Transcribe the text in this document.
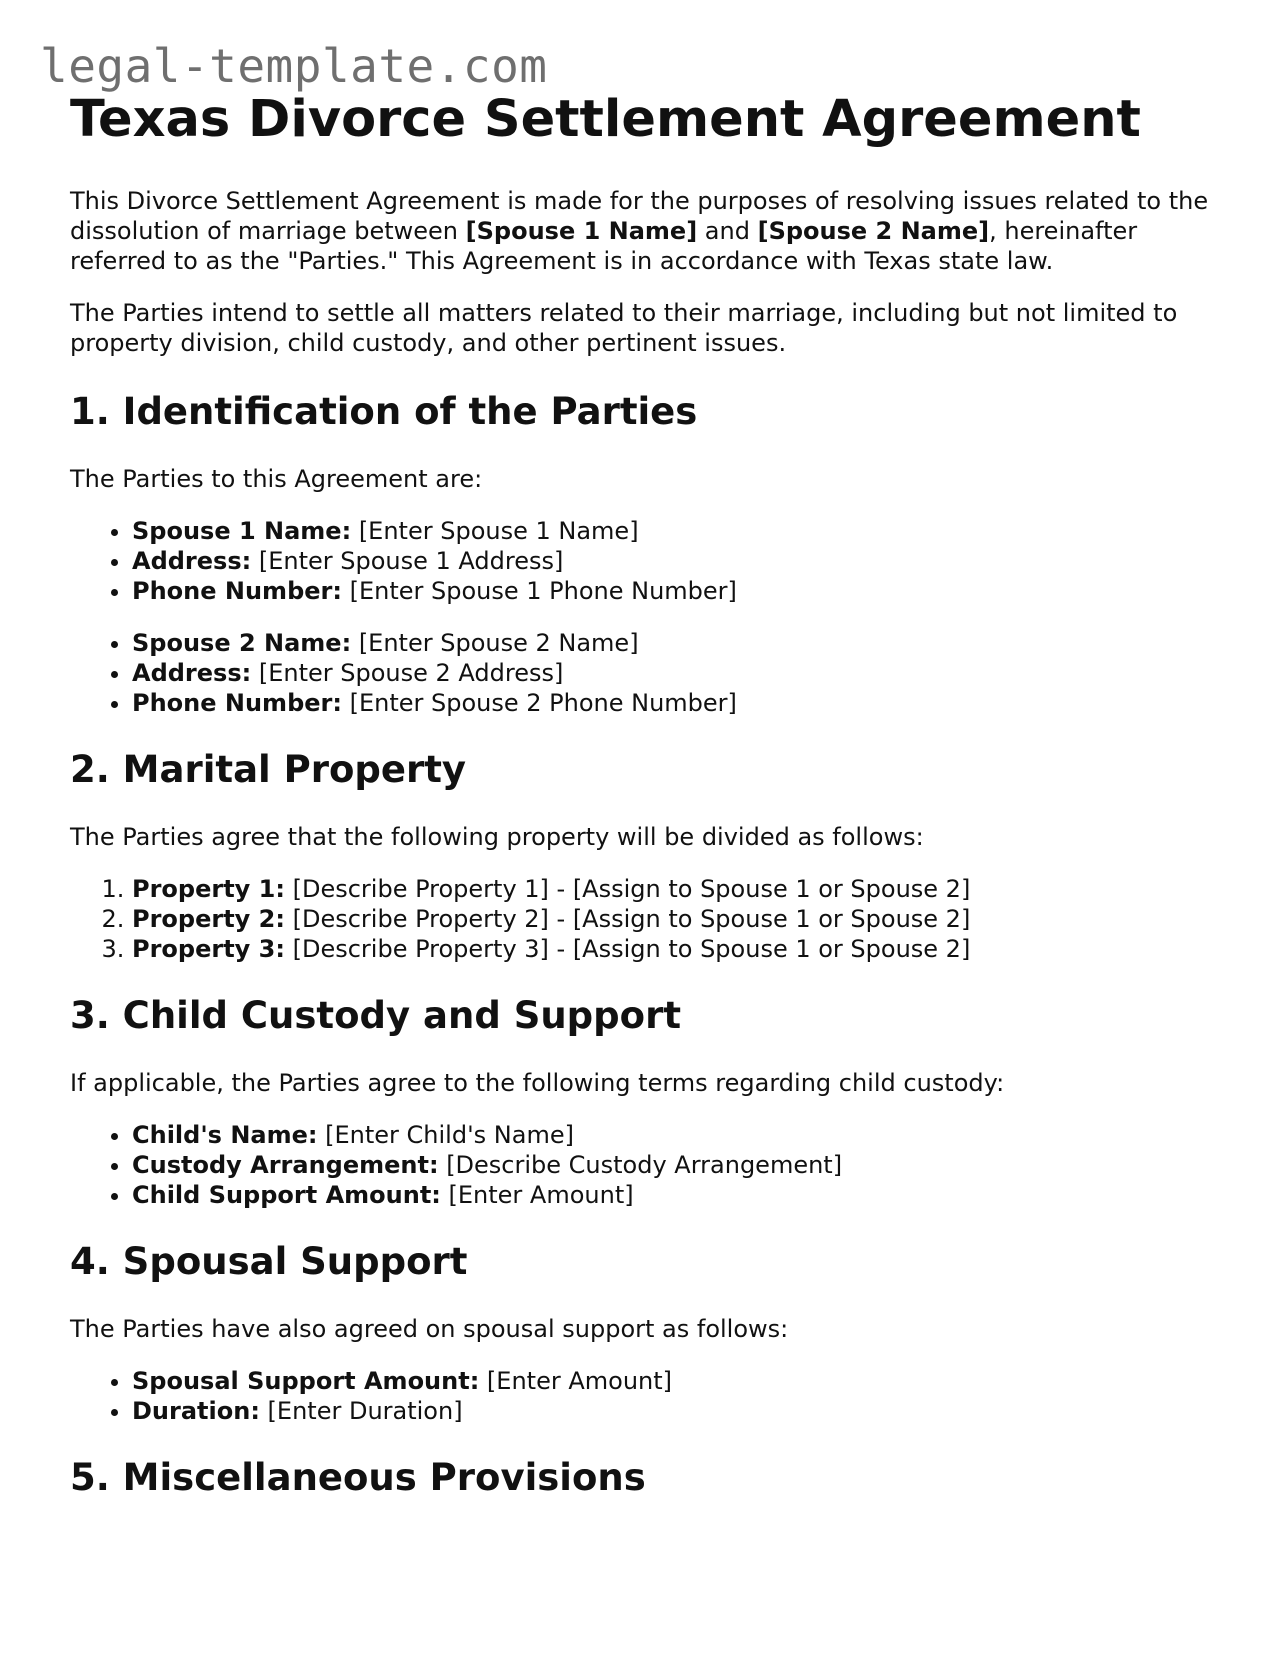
legal-template.com
Texas Divorce Settlement Agreement

This Divorce Settlement Agreement is made for the purposes of resolving issues related to the dissolution of marriage between [Spouse 1 Name] and [Spouse 2 Name], hereinafter referred to as the "Parties." This Agreement is in accordance with Texas state law.

The Parties intend to settle all matters related to their marriage, including but not limited to property division, child custody, and other pertinent issues.

1. Identification of the Parties

The Parties to this Agreement are:

• Spouse 1 Name: [Enter Spouse 1 Name]
• Address: [Enter Spouse 1 Address]
• Phone Number: [Enter Spouse 1 Phone Number]
• Spouse 2 Name: [Enter Spouse 2 Name]
• Address: [Enter Spouse 2 Address]
• Phone Number: [Enter Spouse 2 Phone Number]
2. Marital Property

The Parties agree that the following property will be divided as follows:

1. Property 1: [Describe Property 1] - [Assign to Spouse 1 or Spouse 2]
2. Property 2: [Describe Property 2] - [Assign to Spouse 1 or Spouse 2]
3. Property 3: [Describe Property 3] - [Assign to Spouse 1 or Spouse 2]
3. Child Custody and Support

If applicable, the Parties agree to the following terms regarding child custody:

• Child's Name: [Enter Child's Name]
• Custody Arrangement: [Describe Custody Arrangement]
• Child Support Amount: [Enter Amount]
4. Spousal Support

The Parties have also agreed on spousal support as follows:

• Spousal Support Amount: [Enter Amount]
• Duration: [Enter Duration]
5. Miscellaneous Provisions
